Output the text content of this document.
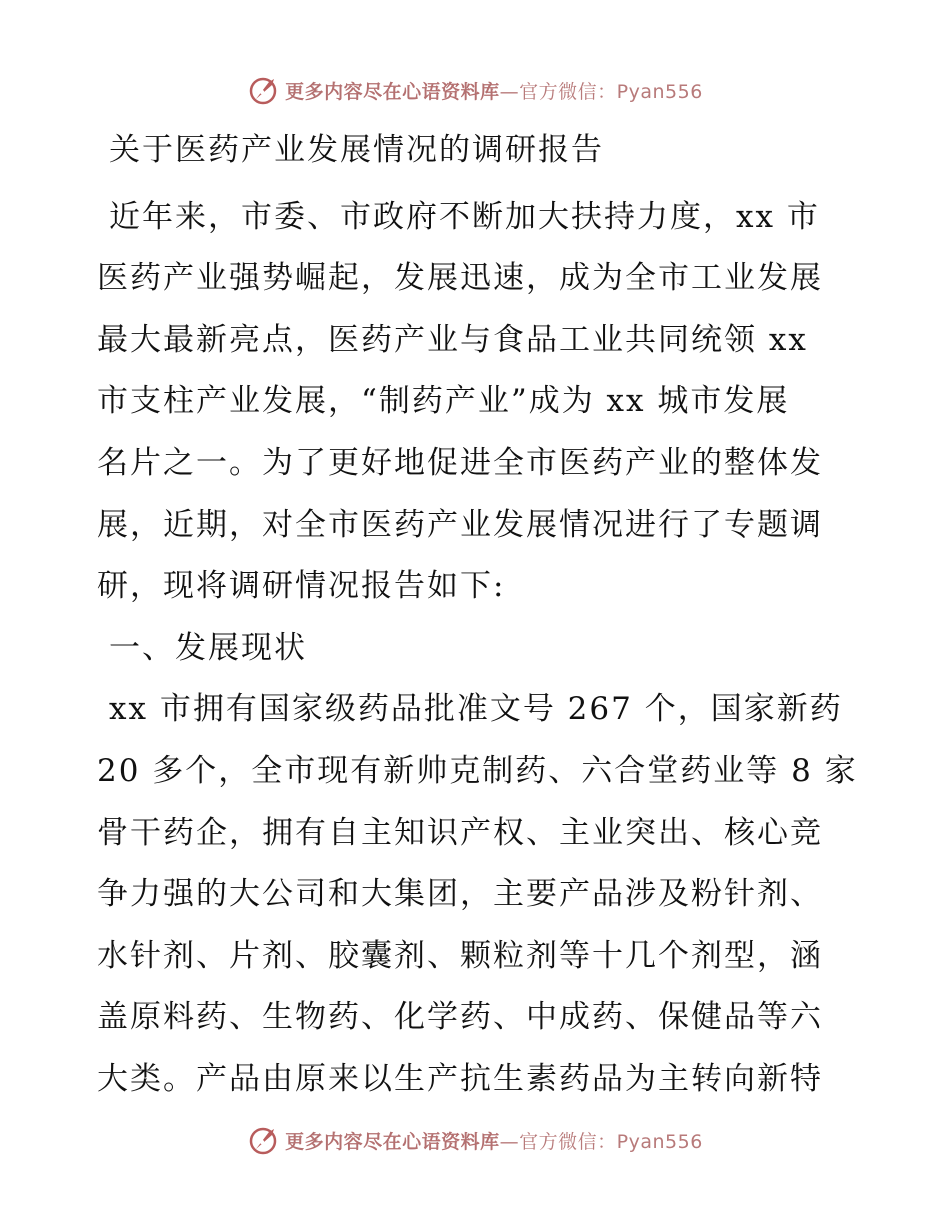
更多内容尽在心语资料库—官方微信：Pyan556

关于医药产业发展情况的调研报告

近年来，市委、市政府不断加大扶持力度，xx 市

医药产业强势崛起，发展迅速，成为全市工业发展

最大最新亮点，医药产业与食品工业共同统领 xx

市支柱产业发展，“制药产业”成为 xx 城市发展

名片之一。为了更好地促进全市医药产业的整体发

展，近期，对全市医药产业发展情况进行了专题调

研，现将调研情况报告如下:

一、发展现状

xx 市拥有国家级药品批准文号 267 个，国家新药

20 多个，全市现有新帅克制药、六合堂药业等 8 家

骨干药企，拥有自主知识产权、主业突出、核心竞

争力强的大公司和大集团，主要产品涉及粉针剂、

水针剂、片剂、胶囊剂、颗粒剂等十几个剂型，涵

盖原料药、生物药、化学药、中成药、保健品等六

大类。产品由原来以生产抗生素药品为主转向新特

更多内容尽在心语资料库—官方微信：Pyan556
